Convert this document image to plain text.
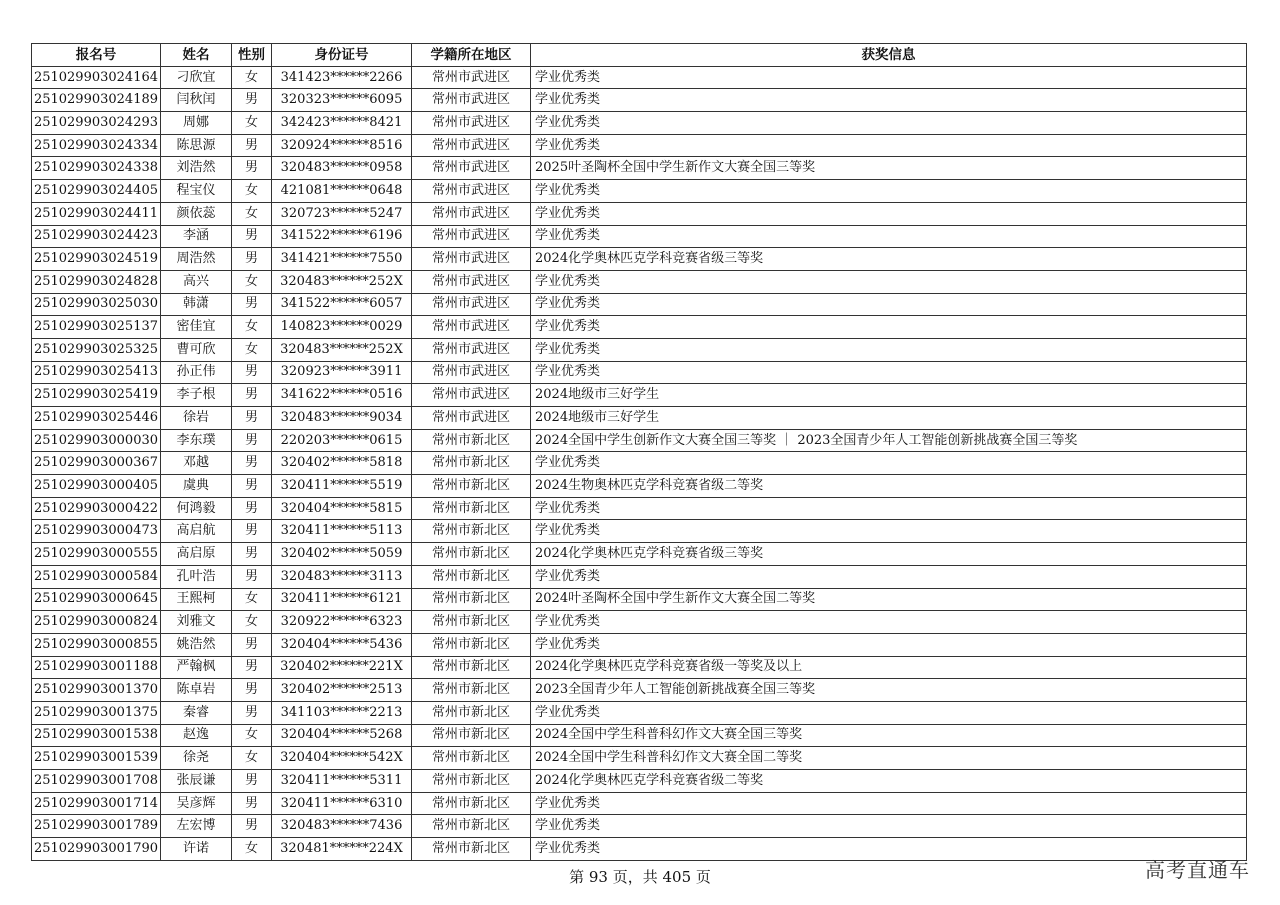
报名号	姓名	性别	身份证号	学籍所在地区	获奖信息
251029903024164	刁欣宜	女	341423******2266	常州市武进区	学业优秀类
251029903024189	闫秋闰	男	320323******6095	常州市武进区	学业优秀类
251029903024293	周娜	女	342423******8421	常州市武进区	学业优秀类
251029903024334	陈思源	男	320924******8516	常州市武进区	学业优秀类
251029903024338	刘浩然	男	320483******0958	常州市武进区	2025叶圣陶杯全国中学生新作文大赛全国三等奖
251029903024405	程宝仪	女	421081******0648	常州市武进区	学业优秀类
251029903024411	颜依蕊	女	320723******5247	常州市武进区	学业优秀类
251029903024423	李涵	男	341522******6196	常州市武进区	学业优秀类
251029903024519	周浩然	男	341421******7550	常州市武进区	2024化学奥林匹克学科竞赛省级三等奖
251029903024828	高兴	女	320483******252X	常州市武进区	学业优秀类
251029903025030	韩潇	男	341522******6057	常州市武进区	学业优秀类
251029903025137	密佳宜	女	140823******0029	常州市武进区	学业优秀类
251029903025325	曹可欣	女	320483******252X	常州市武进区	学业优秀类
251029903025413	孙正伟	男	320923******3911	常州市武进区	学业优秀类
251029903025419	李子根	男	341622******0516	常州市武进区	2024地级市三好学生
251029903025446	徐岩	男	320483******9034	常州市武进区	2024地级市三好学生
251029903000030	李东璞	男	220203******0615	常州市新北区	2024全国中学生创新作文大赛全国三等奖 ｜ 2023全国青少年人工智能创新挑战赛全国三等奖
251029903000367	邓越	男	320402******5818	常州市新北区	学业优秀类
251029903000405	虞典	男	320411******5519	常州市新北区	2024生物奥林匹克学科竞赛省级二等奖
251029903000422	何鸿毅	男	320404******5815	常州市新北区	学业优秀类
251029903000473	高启航	男	320411******5113	常州市新北区	学业优秀类
251029903000555	高启原	男	320402******5059	常州市新北区	2024化学奥林匹克学科竞赛省级三等奖
251029903000584	孔叶浩	男	320483******3113	常州市新北区	学业优秀类
251029903000645	王熙柯	女	320411******6121	常州市新北区	2024叶圣陶杯全国中学生新作文大赛全国二等奖
251029903000824	刘雅文	女	320922******6323	常州市新北区	学业优秀类
251029903000855	姚浩然	男	320404******5436	常州市新北区	学业优秀类
251029903001188	严翰枫	男	320402******221X	常州市新北区	2024化学奥林匹克学科竞赛省级一等奖及以上
251029903001370	陈卓岩	男	320402******2513	常州市新北区	2023全国青少年人工智能创新挑战赛全国三等奖
251029903001375	秦睿	男	341103******2213	常州市新北区	学业优秀类
251029903001538	赵逸	女	320404******5268	常州市新北区	2024全国中学生科普科幻作文大赛全国三等奖
251029903001539	徐尧	女	320404******542X	常州市新北区	2024全国中学生科普科幻作文大赛全国二等奖
251029903001708	张辰谦	男	320411******5311	常州市新北区	2024化学奥林匹克学科竞赛省级二等奖
251029903001714	吴彦辉	男	320411******6310	常州市新北区	学业优秀类
251029903001789	左宏博	男	320483******7436	常州市新北区	学业优秀类
251029903001790	许诺	女	320481******224X	常州市新北区	学业优秀类
第 93 页，共 405 页	高考直通车
